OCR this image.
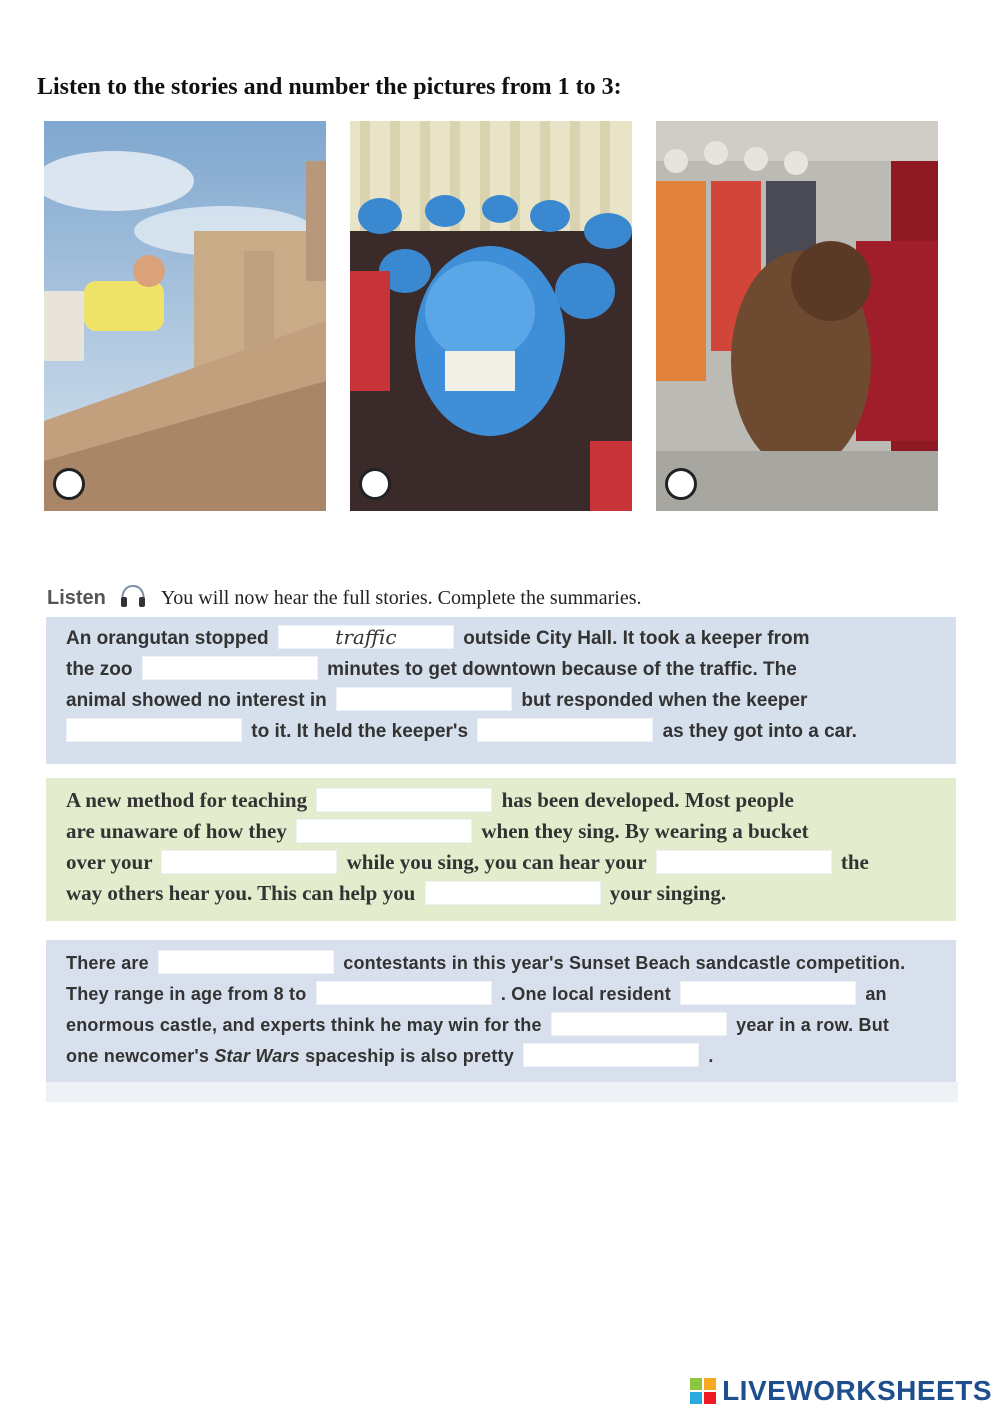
Listen to the stories and number the pictures from 1 to 3:
Listen	You will now hear the full stories. Complete the summaries.
An orangutan stopped	traffic	outside City Hall. It took a keeper from
the zoo	minutes to get downtown because of the traffic. The
animal showed no interest in	but responded when the keeper
to it. It held the keeper's	as they got into a car.
A new method for teaching	has been developed. Most people
are unaware of how they	when they sing. By wearing a bucket
over your	while you sing, you can hear your	the
way others hear you. This can help you	your singing.
There are	contestants in this year's Sunset Beach sandcastle competition.
They range in age from 8 to	. One local resident	an
enormous castle, and experts think he may win for the	year in a row. But
one newcomer's Star Wars spaceship is also pretty	.
LIVEWORKSHEETS
